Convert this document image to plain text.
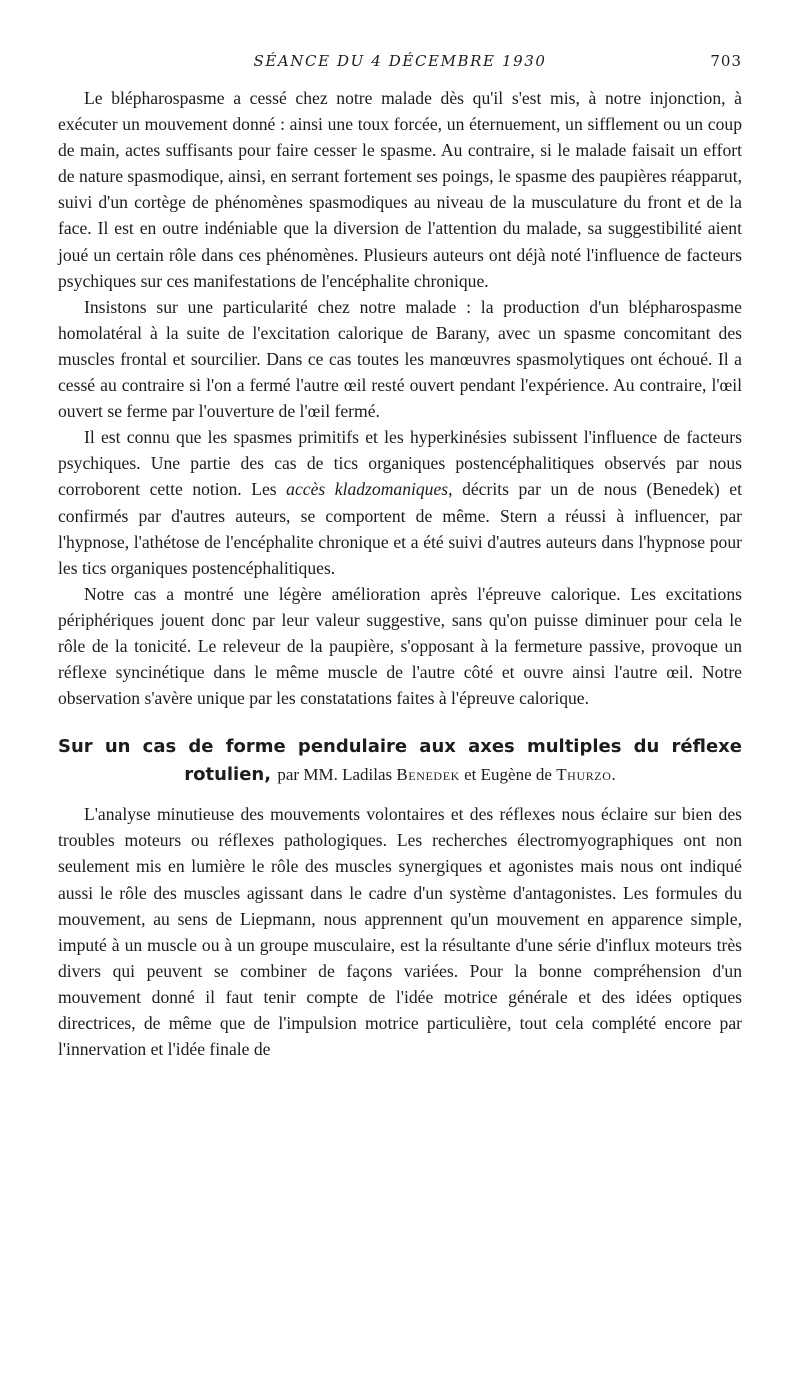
SÉANCE DU 4 DÉCEMBRE 1930	703

Le blépharospasme a cessé chez notre malade dès qu'il s'est mis, à notre injonction, à exécuter un mouvement donné : ainsi une toux forcée, un éternuement, un sifflement ou un coup de main, actes suffisants pour faire cesser le spasme. Au contraire, si le malade faisait un effort de nature spasmodique, ainsi, en serrant fortement ses poings, le spasme des paupières réapparut, suivi d'un cortège de phénomènes spasmodiques au niveau de la musculature du front et de la face. Il est en outre indéniable que la diversion de l'attention du malade, sa suggestibilité aient joué un certain rôle dans ces phénomènes. Plusieurs auteurs ont déjà noté l'influence de facteurs psychiques sur ces manifestations de l'encéphalite chronique.

Insistons sur une particularité chez notre malade : la production d'un blépharospasme homolatéral à la suite de l'excitation calorique de Barany, avec un spasme concomitant des muscles frontal et sourcilier. Dans ce cas toutes les manœuvres spasmolytiques ont échoué. Il a cessé au contraire si l'on a fermé l'autre œil resté ouvert pendant l'expérience. Au contraire, l'œil ouvert se ferme par l'ouverture de l'œil fermé.

Il est connu que les spasmes primitifs et les hyperkinésies subissent l'influence de facteurs psychiques. Une partie des cas de tics organiques postencéphalitiques observés par nous corroborent cette notion. Les accès kladzomaniques, décrits par un de nous (Benedek) et confirmés par d'autres auteurs, se comportent de même. Stern a réussi à influencer, par l'hypnose, l'athétose de l'encéphalite chronique et a été suivi d'autres auteurs dans l'hypnose pour les tics organiques postencéphalitiques.

Notre cas a montré une légère amélioration après l'épreuve calorique. Les excitations périphériques jouent donc par leur valeur suggestive, sans qu'on puisse diminuer pour cela le rôle de la tonicité. Le releveur de la paupière, s'opposant à la fermeture passive, provoque un réflexe syncinétique dans le même muscle de l'autre côté et ouvre ainsi l'autre œil. Notre observation s'avère unique par les constatations faites à l'épreuve calorique.

Sur un cas de forme pendulaire aux axes multiples du réflexe rotulien, par MM. Ladilas Benedek et Eugène de Thurzo.

L'analyse minutieuse des mouvements volontaires et des réflexes nous éclaire sur bien des troubles moteurs ou réflexes pathologiques. Les recherches électromyographiques ont non seulement mis en lumière le rôle des muscles synergiques et agonistes mais nous ont indiqué aussi le rôle des muscles agissant dans le cadre d'un système d'antagonistes. Les formules du mouvement, au sens de Liepmann, nous apprennent qu'un mouvement en apparence simple, imputé à un muscle ou à un groupe musculaire, est la résultante d'une série d'influx moteurs très divers qui peuvent se combiner de façons variées. Pour la bonne compréhension d'un mouvement donné il faut tenir compte de l'idée motrice générale et des idées optiques directrices, de même que de l'impulsion motrice particulière, tout cela complété encore par l'innervation et l'idée finale de
